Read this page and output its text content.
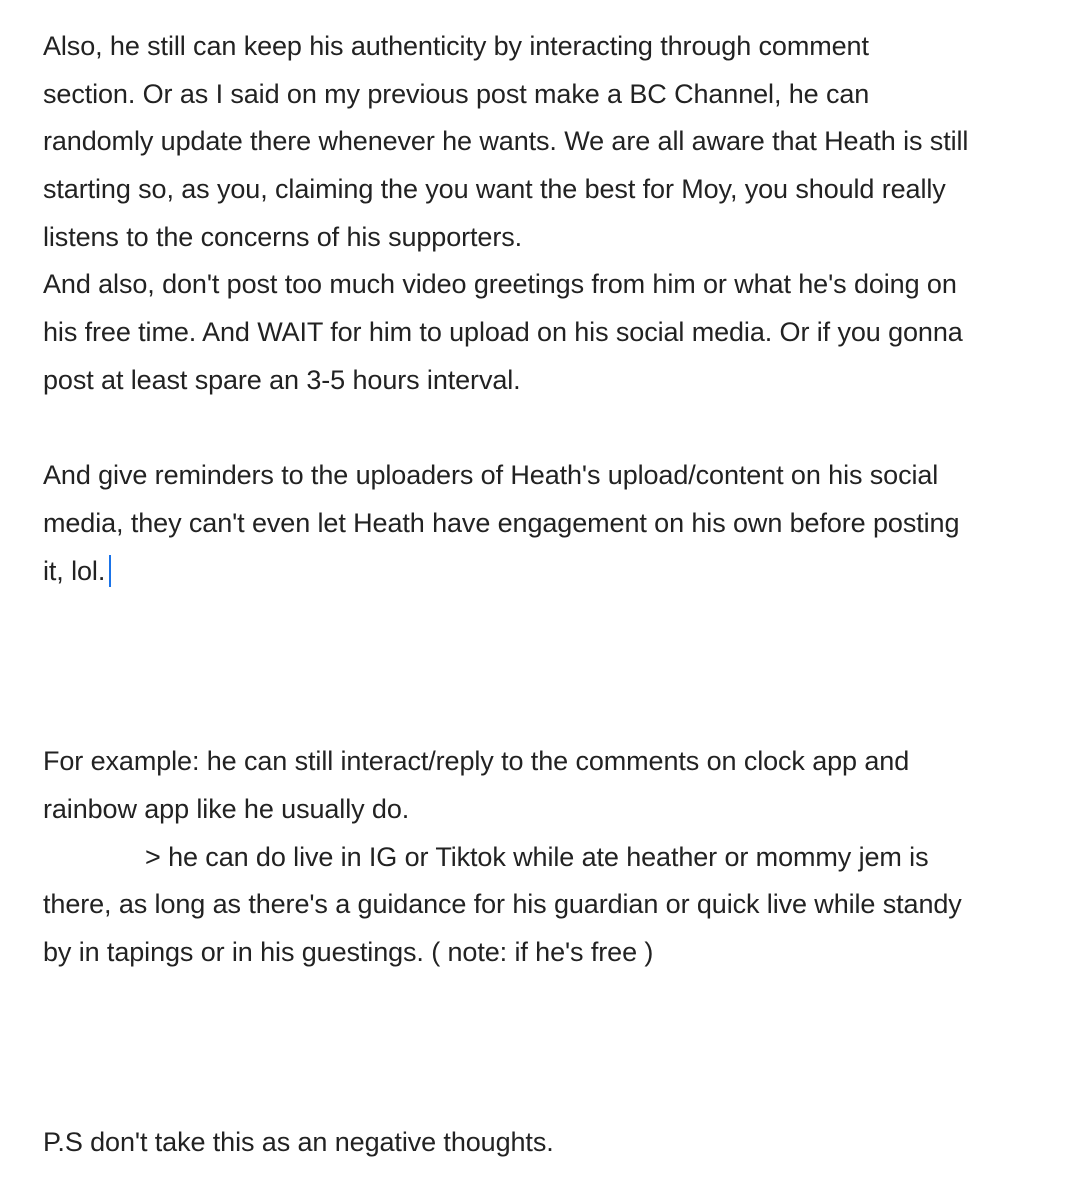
Also, he still can keep his authenticity by interacting through comment
section. Or as I said on my previous post make a BC Channel, he can
randomly update there whenever he wants. We are all aware that Heath is still
starting so, as you, claiming the you want the best for Moy, you should really
listens to the concerns of his supporters.
And also, don't post too much video greetings from him or what he's doing on
his free time. And WAIT for him to upload on his social media. Or if you gonna
post at least spare an 3-5 hours interval.
And give reminders to the uploaders of Heath's upload/content on his social
media, they can't even let Heath have engagement on his own before posting
it, lol.
For example: he can still interact/reply to the comments on clock app and
rainbow app like he usually do.
> he can do live in IG or Tiktok while ate heather or mommy jem is
there, as long as there's a guidance for his guardian or quick live while standy
by in tapings or in his guestings. ( note: if he's free )
P.S don't take this as an negative thoughts.
